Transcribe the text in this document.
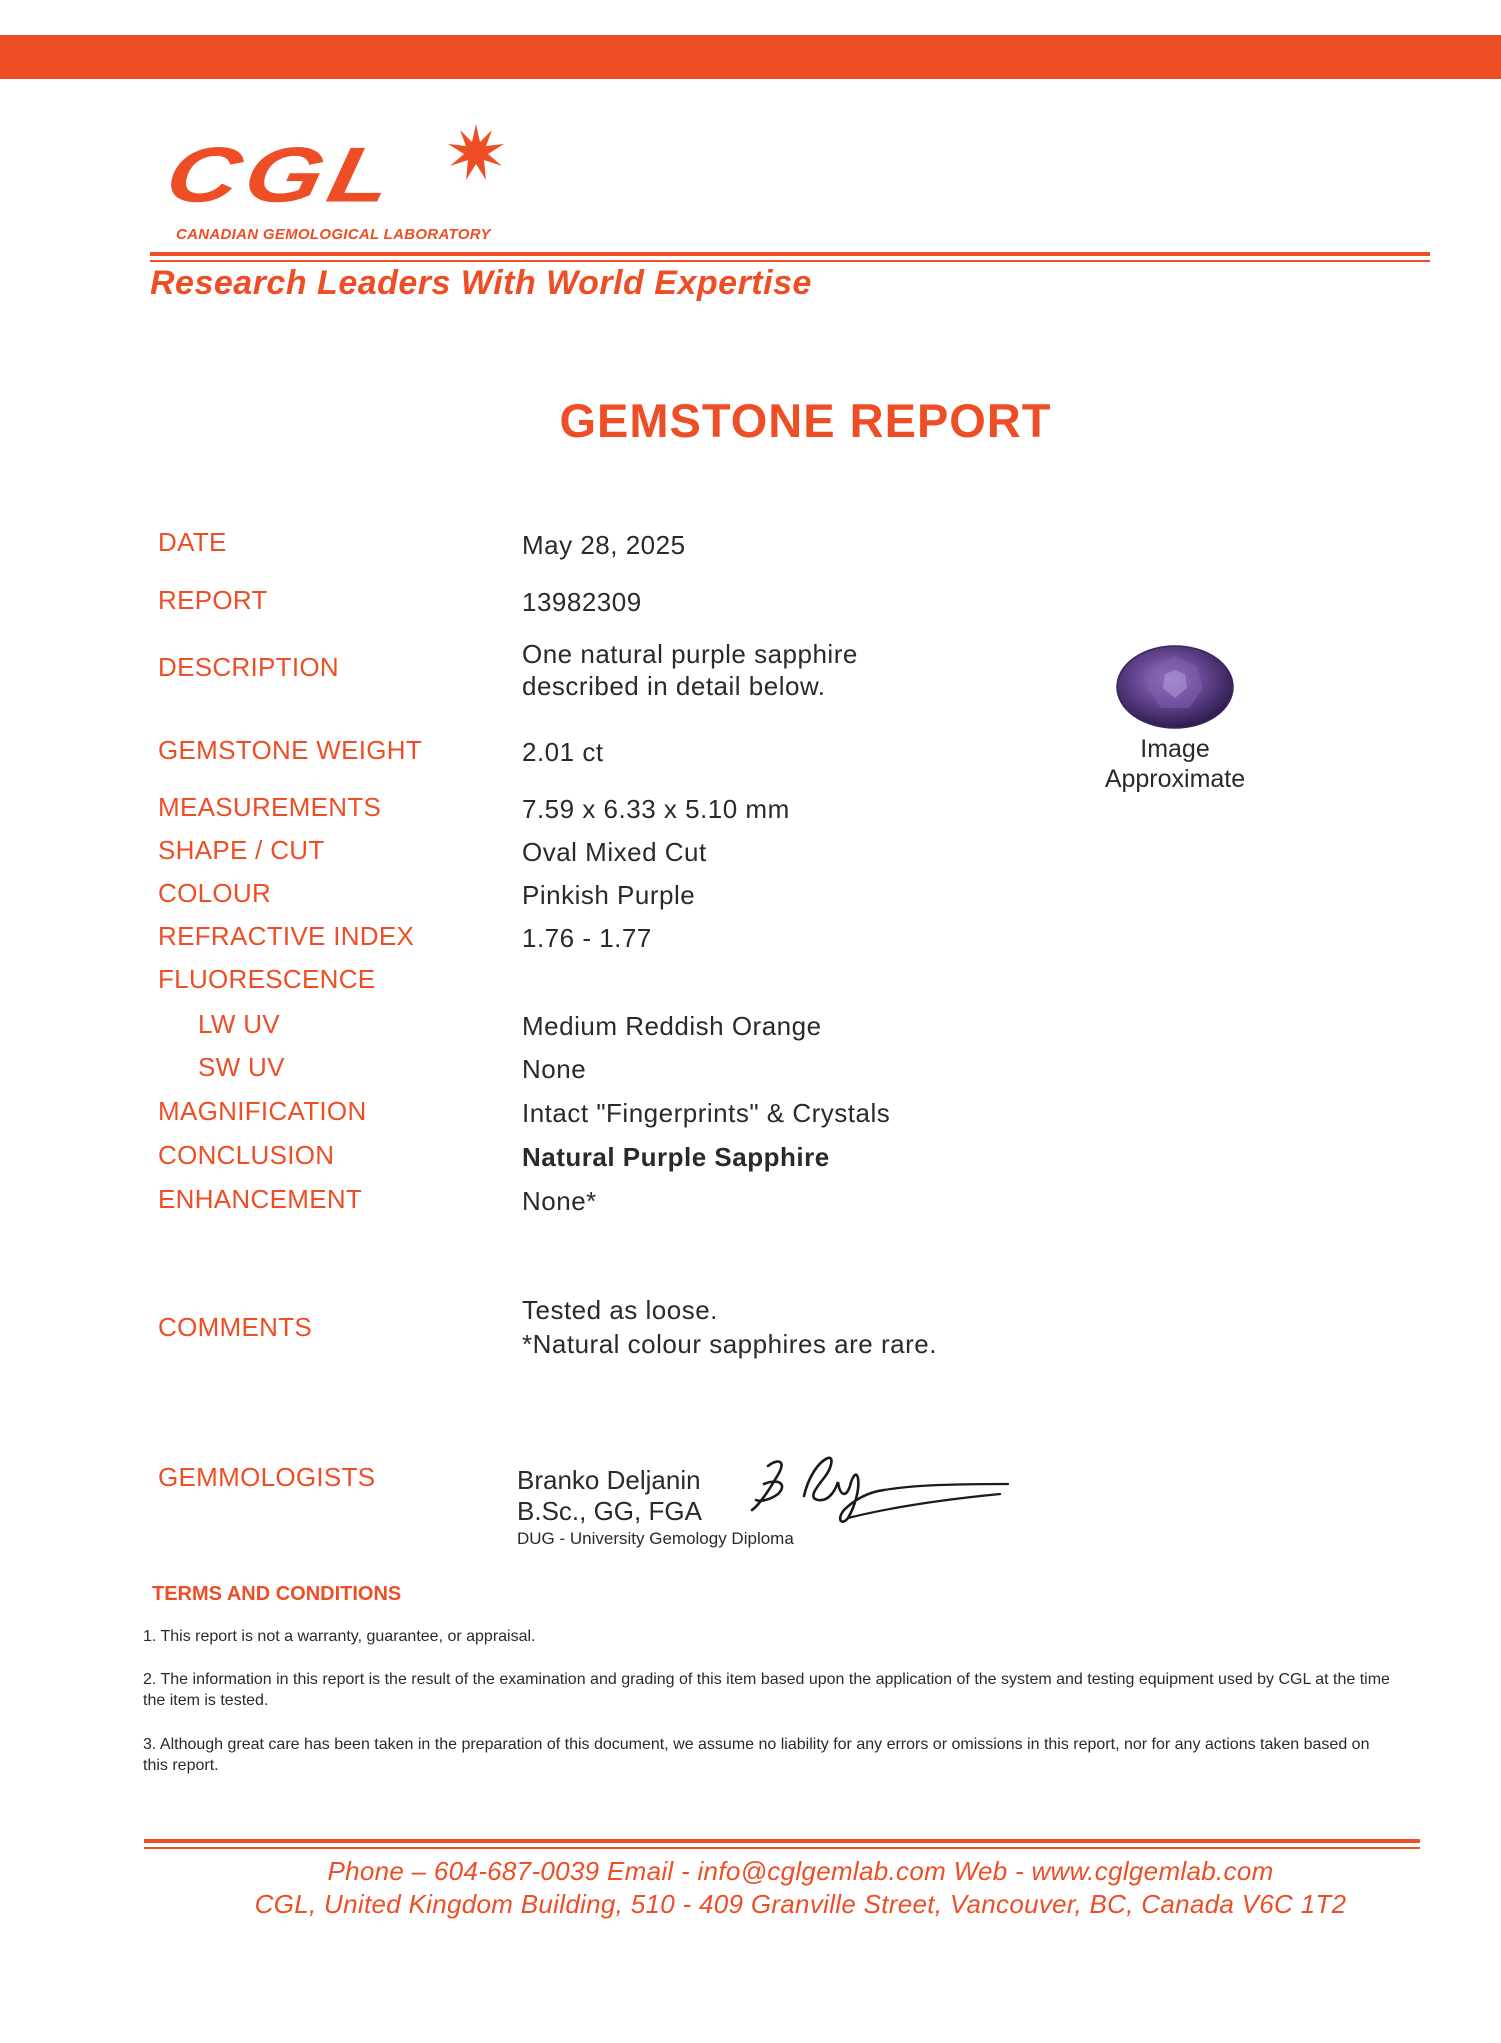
CGL
CANADIAN GEMOLOGICAL LABORATORY
Research Leaders With World Expertise
GEMSTONE REPORT
DATE	May 28, 2025
REPORT	13982309
DESCRIPTION	One natural purple sapphire
described in detail below.
GEMSTONE WEIGHT	2.01 ct
MEASUREMENTS	7.59 x 6.33 x 5.10 mm
SHAPE / CUT	Oval Mixed Cut
COLOUR	Pinkish Purple
REFRACTIVE INDEX	1.76 - 1.77
FLUORESCENCE
LW UV	Medium Reddish Orange
SW UV	None
MAGNIFICATION	Intact "Fingerprints" & Crystals
CONCLUSION	Natural Purple Sapphire
ENHANCEMENT	None*
COMMENTS
Tested as loose.
*Natural colour sapphires are rare.
GEMMOLOGISTS	Branko Deljanin
B.Sc., GG, FGA
DUG - University Gemology Diploma
Image
Approximate
TERMS AND CONDITIONS
1. This report is not a warranty, guarantee, or appraisal.
2. The information in this report is the result of the examination and grading of this item based upon the application of the system and testing equipment used by CGL at the time the item is tested.
3. Although great care has been taken in the preparation of this document, we assume no liability for any errors or omissions in this report, nor for any actions taken based on this report.
Phone – 604-687-0039 Email - info@cglgemlab.com Web - www.cglgemlab.com
CGL, United Kingdom Building, 510 - 409 Granville Street, Vancouver, BC, Canada V6C 1T2
